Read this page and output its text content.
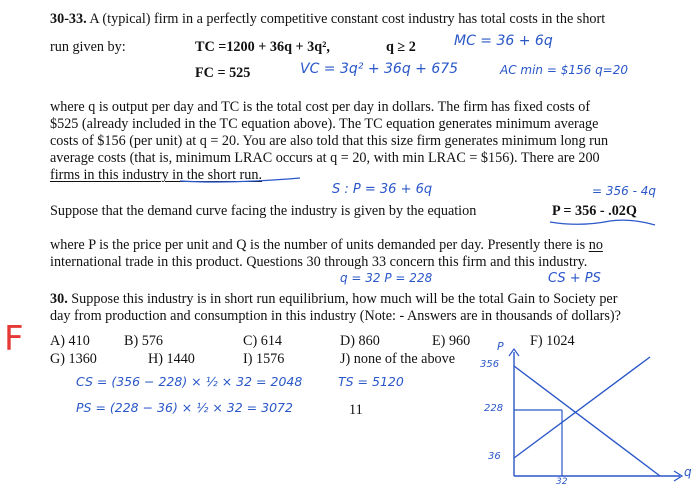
30-33. A (typical) firm in a perfectly competitive constant cost industry has total costs in the short
run given by:	TC =1200 + 36q + 3q²,	q ≥ 2
FC = 525
where q is output per day and TC is the total cost per day in dollars. The firm has fixed costs of
$525 (already included in the TC equation above). The TC equation generates minimum average
costs of $156 (per unit) at q = 20. You are also told that this size firm generates minimum long run
average costs (that is, minimum LRAC occurs at q = 20, with min LRAC = $156). There are 200
firms in this industry in the short run.
Suppose that the demand curve facing the industry is given by the equation	P = 356 - .02Q
where P is the price per unit and Q is the number of units demanded per day. Presently there is no
international trade in this product. Questions 30 through 33 concern this firm and this industry.
30. Suppose this industry is in short run equilibrium, how much will be the total Gain to Society per
day from production and consumption in this industry (Note: - Answers are in thousands of dollars)?
A) 410 B) 576	C) 614	D) 860	E) 960	F) 1024
G) 1360	H) 1440	I) 1576	J) none of the above
11
F
MC = 36 + 6q
VC = 3q² + 36q + 675	AC min = $156 q=20
S : P = 36 + 6q	= 356 - 4q
q = 32 P = 228	CS + PS
CS = (356 − 228) × ½ × 32 = 2048	TS = 5120
PS = (228 − 36) × ½ × 32 = 3072
P
356
228
36
32
q
